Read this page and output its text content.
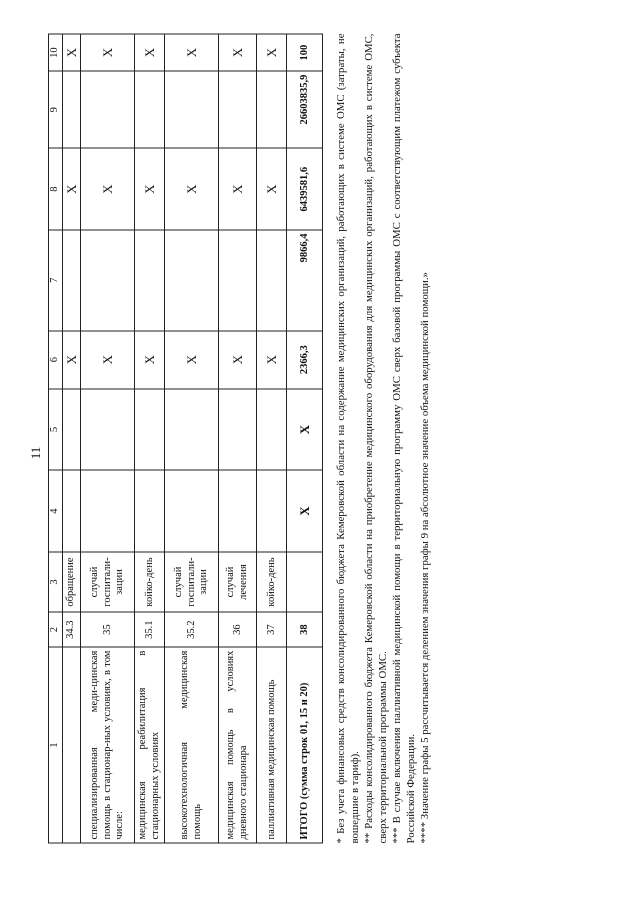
11
1	2	3	4	5	6	7	8	9	10
	34.3	обращение			X		X		X
специализированная меди-цинская помощь в стационар-ных условиях, в том числе:	35	случай госпитали-зации			X		X		X
медицинская реабилитация в стационарных условиях	35.1	койко-день			X		X		X
высокотехнологичная медицинская помощь	35.2	случай госпитали-зации			X		X		X
медицинская помощь в условиях дневного стационара	36	случай лечения			X		X		X
паллиативная медицинская помощь	37	койко-день			X		X		X
ИТОГО (сумма строк 01, 15 и 20)	38		X	X	2366,3	9866,4	6439581,6	26603835,9	100 * Без учета финансовых средств консолидированного бюджета Кемеровской области на содержание медицинских организаций, работающих в системе ОМС (затраты, не вошедшие в тариф). ** Расходы консолидированного бюджета Кемеровской области на приобретение медицинского оборудования для медицинских организаций, работающих в системе ОМС, сверх территориальной программы ОМС. *** В случае включения паллиативной медицинской помощи в территориальную программу ОМС сверх базовой программы ОМС с соответствующим платежом субъекта Российской Федерации. **** Значение графы 5 рассчитывается делением значения графы 9 на абсолютное значение объема медицинской помощи.»
